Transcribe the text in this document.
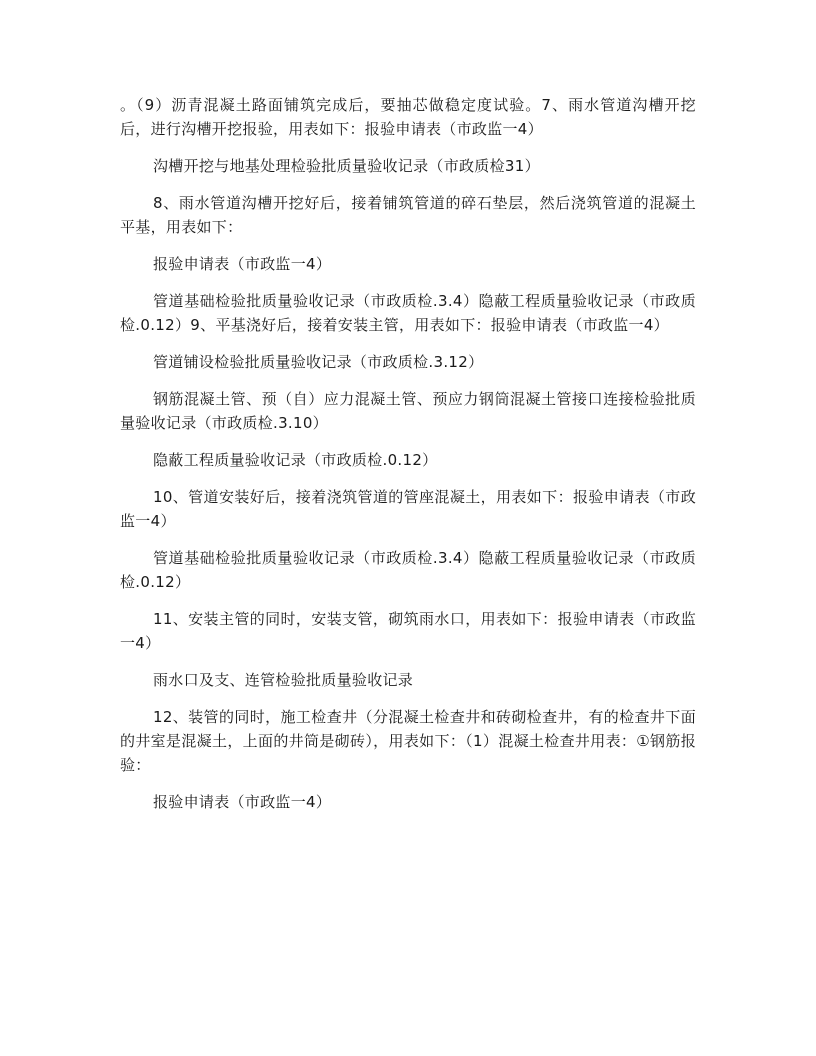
。（9）沥青混凝土路面铺筑完成后，要抽芯做稳定度试验。7、雨水管道沟槽开挖后，进行沟槽开挖报验，用表如下：报验申请表（市政监一4）

沟槽开挖与地基处理检验批质量验收记录（市政质检31）

8、雨水管道沟槽开挖好后，接着铺筑管道的碎石垫层，然后浇筑管道的混凝土平基，用表如下：

报验申请表（市政监一4）

管道基础检验批质量验收记录（市政质检.3.4）隐蔽工程质量验收记录（市政质检.0.12）9、平基浇好后，接着安装主管，用表如下：报验申请表（市政监一4）

管道铺设检验批质量验收记录（市政质检.3.12）

钢筋混凝土管、预（自）应力混凝土管、预应力钢筒混凝土管接口连接检验批质量验收记录（市政质检.3.10）

隐蔽工程质量验收记录（市政质检.0.12）

10、管道安装好后，接着浇筑管道的管座混凝土，用表如下：报验申请表（市政监一4）

管道基础检验批质量验收记录（市政质检.3.4）隐蔽工程质量验收记录（市政质检.0.12）

11、安装主管的同时，安装支管，砌筑雨水口，用表如下：报验申请表（市政监一4）

雨水口及支、连管检验批质量验收记录

12、装管的同时，施工检查井（分混凝土检查井和砖砌检查井，有的检查井下面的井室是混凝土，上面的井筒是砌砖），用表如下：（1）混凝土检查井用表：①钢筋报验：

报验申请表（市政监一4）
